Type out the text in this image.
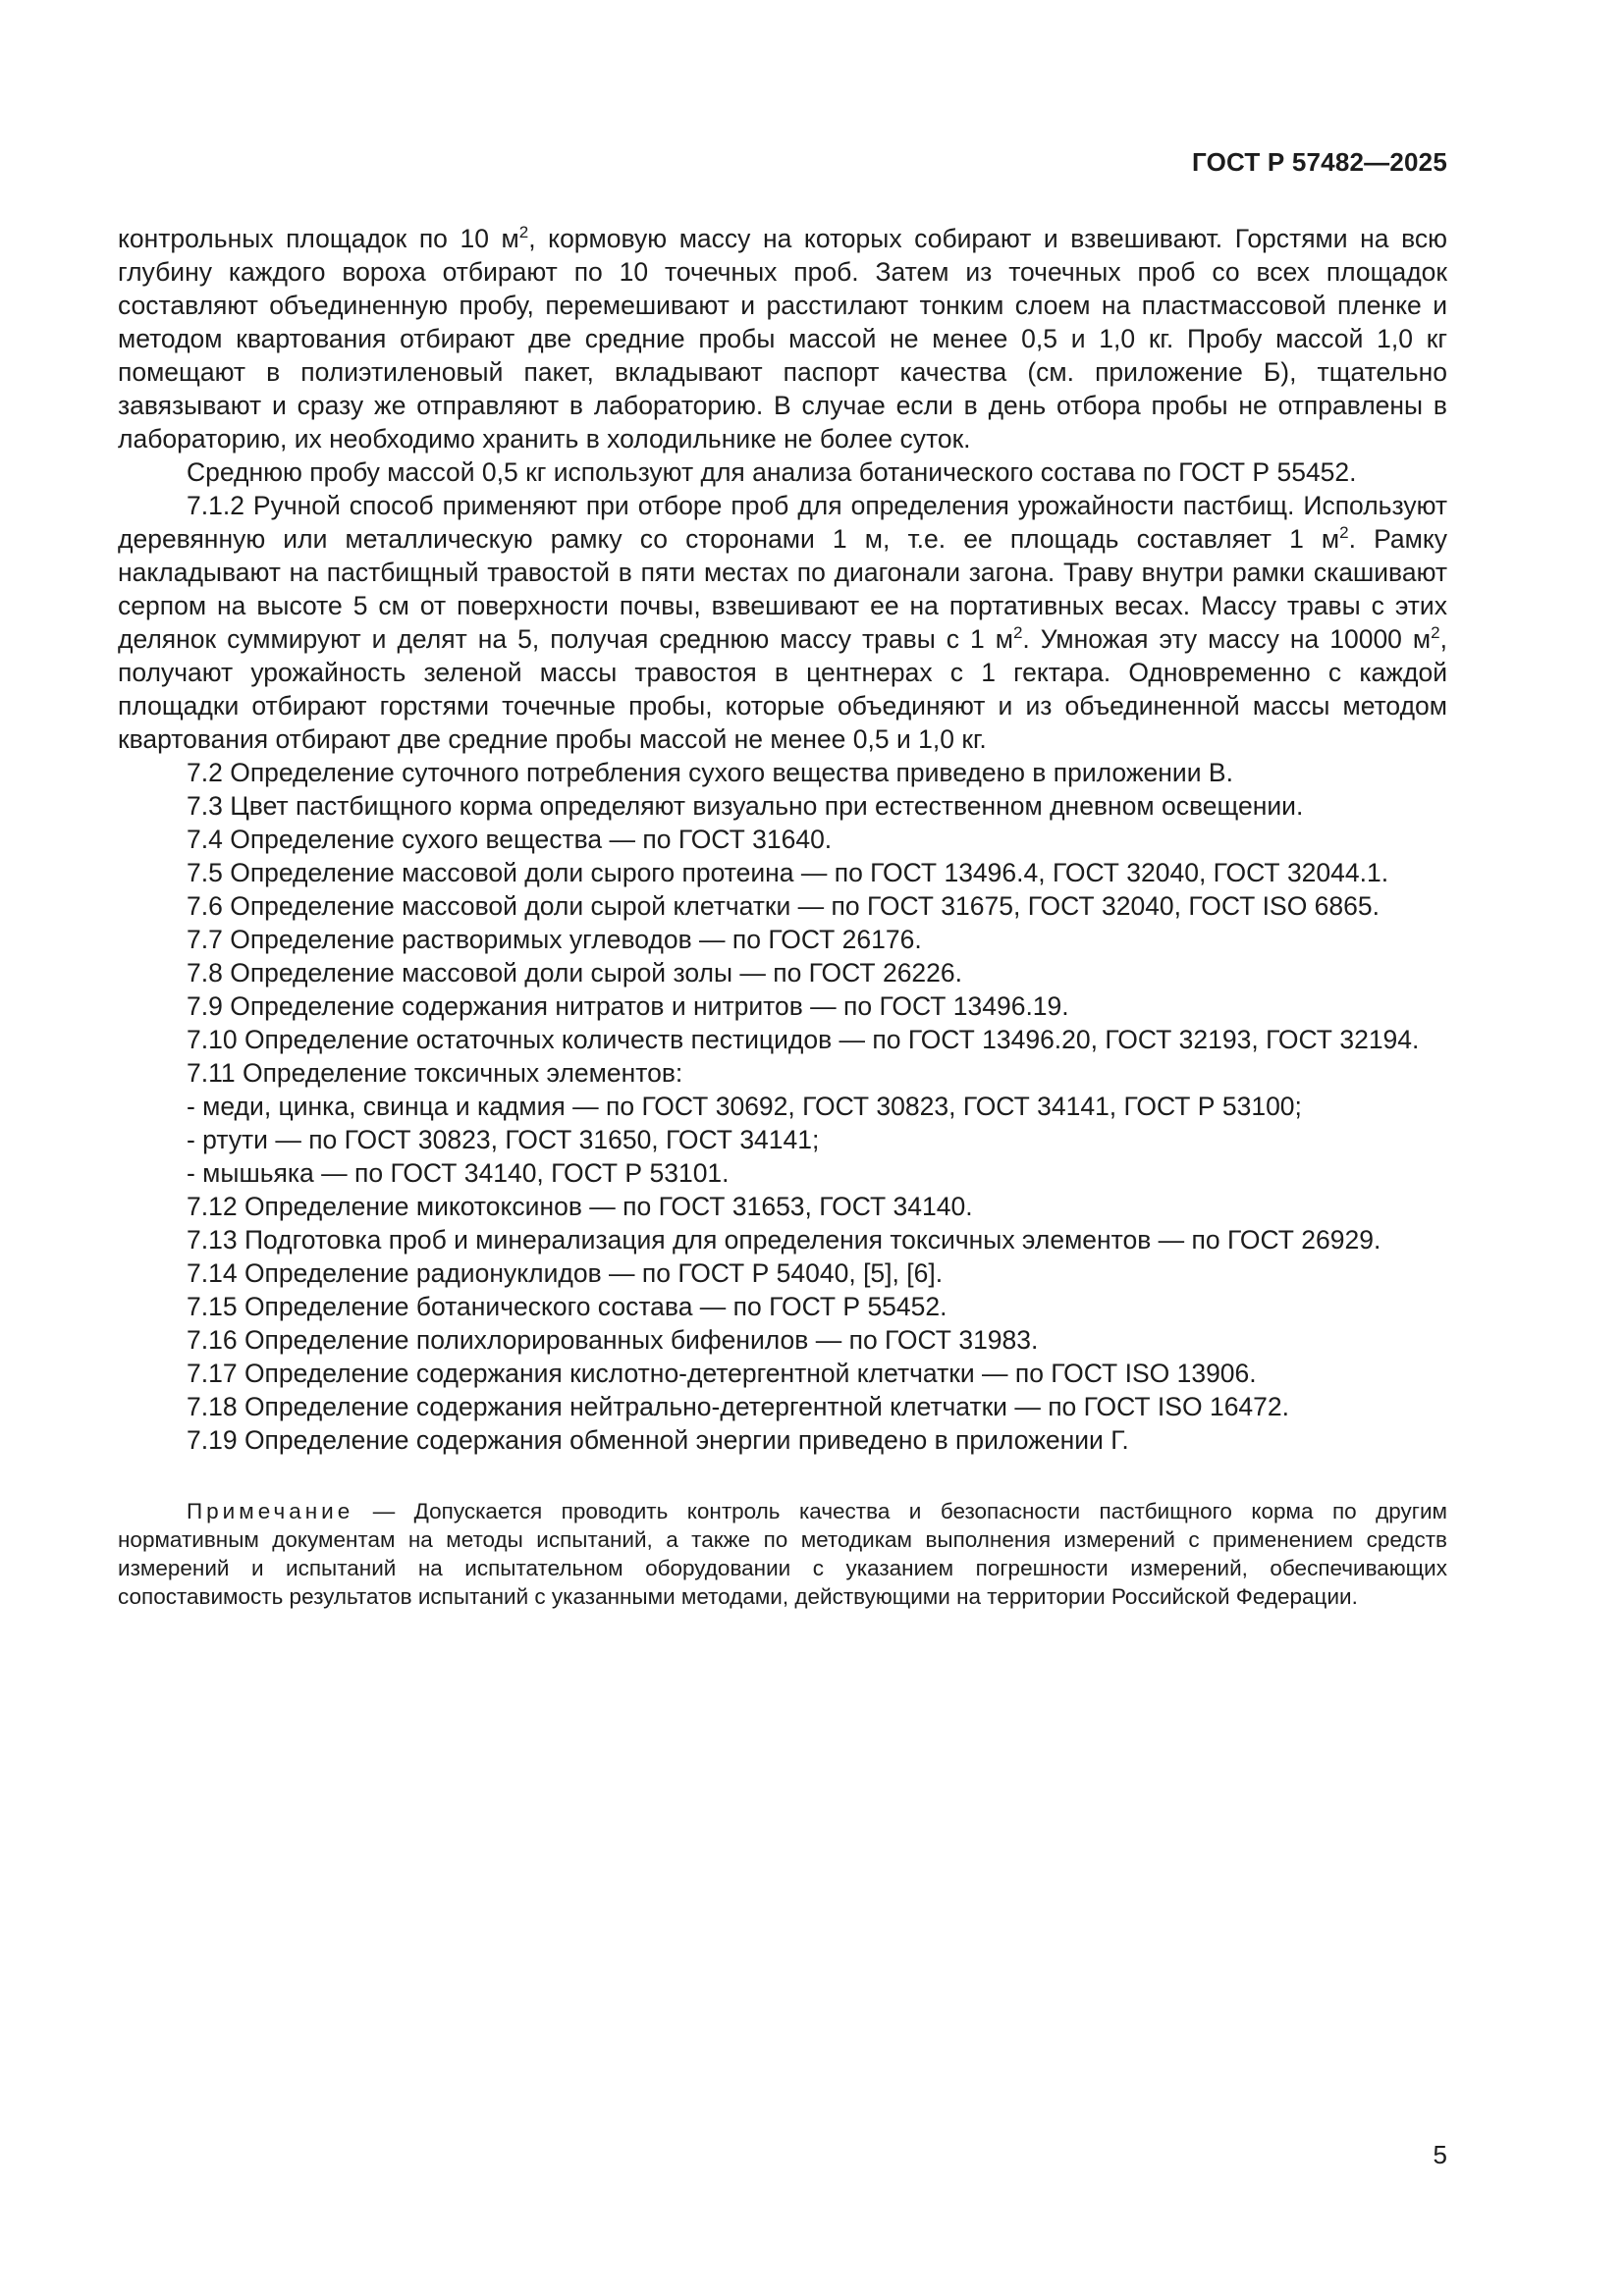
ГОСТ Р 57482—2025

контрольных площадок по 10 $м^2$, кормовую массу на которых собирают и взвешивают. Горстями на всю глубину каждого вороха отбирают по 10 точечных проб. Затем из точечных проб со всех площадок составляют объединенную пробу, перемешивают и расстилают тонким слоем на пластмассовой пленке и методом квартования отбирают две средние пробы массой не менее 0,5 и 1,0 кг. Пробу массой 1,0 кг помещают в полиэтиленовый пакет, вкладывают паспорт качества (см. приложение Б), тщательно завязывают и сразу же отправляют в лабораторию. В случае если в день отбора пробы не отправлены в лабораторию, их необходимо хранить в холодильнике не более суток.

Среднюю пробу массой 0,5 кг используют для анализа ботанического состава по ГОСТ Р 55452.

7.1.2 Ручной способ применяют при отборе проб для определения урожайности пастбищ. Используют деревянную или металлическую рамку со сторонами 1 м, т.е. ее площадь составляет 1 $м^2$. Рамку накладывают на пастбищный травостой в пяти местах по диагонали загона. Траву внутри рамки скашивают серпом на высоте 5 см от поверхности почвы, взвешивают ее на портативных весах. Массу травы с этих делянок суммируют и делят на 5, получая среднюю массу травы с 1 $м^2$. Умножая эту массу на 10000 $м^2$, получают урожайность зеленой массы травостоя в центнерах с 1 гектара. Одновременно с каждой площадки отбирают горстями точечные пробы, которые объединяют и из объединенной массы методом квартования отбирают две средние пробы массой не менее 0,5 и 1,0 кг.

7.2 Определение суточного потребления сухого вещества приведено в приложении В.

7.3 Цвет пастбищного корма определяют визуально при естественном дневном освещении.

7.4 Определение сухого вещества — по ГОСТ 31640.

7.5 Определение массовой доли сырого протеина — по ГОСТ 13496.4, ГОСТ 32040, ГОСТ 32044.1.

7.6 Определение массовой доли сырой клетчатки — по ГОСТ 31675, ГОСТ 32040, ГОСТ ISO 6865.

7.7 Определение растворимых углеводов — по ГОСТ 26176.

7.8 Определение массовой доли сырой золы — по ГОСТ 26226.

7.9 Определение содержания нитратов и нитритов — по ГОСТ 13496.19.

7.10 Определение остаточных количеств пестицидов — по ГОСТ 13496.20, ГОСТ 32193, ГОСТ 32194.

7.11 Определение токсичных элементов:

- меди, цинка, свинца и кадмия — по ГОСТ 30692, ГОСТ 30823, ГОСТ 34141, ГОСТ Р 53100;

- ртути — по ГОСТ 30823, ГОСТ 31650, ГОСТ 34141;

- мышьяка — по ГОСТ 34140, ГОСТ Р 53101.

7.12 Определение микотоксинов — по ГОСТ 31653, ГОСТ 34140.

7.13 Подготовка проб и минерализация для определения токсичных элементов — по ГОСТ 26929.

7.14 Определение радионуклидов — по ГОСТ Р 54040, [5], [6].

7.15 Определение ботанического состава — по ГОСТ Р 55452.

7.16 Определение полихлорированных бифенилов — по ГОСТ 31983.

7.17 Определение содержания кислотно-детергентной клетчатки — по ГОСТ ISO 13906.

7.18 Определение содержания нейтрально-детергентной клетчатки — по ГОСТ ISO 16472.

7.19 Определение содержания обменной энергии приведено в приложении Г.

Примечание — Допускается проводить контроль качества и безопасности пастбищного корма по другим нормативным документам на методы испытаний, а также по методикам выполнения измерений с применением средств измерений и испытаний на испытательном оборудовании с указанием погрешности измерений, обеспечивающих сопоставимость результатов испытаний с указанными методами, действующими на территории Российской Федерации.
5
